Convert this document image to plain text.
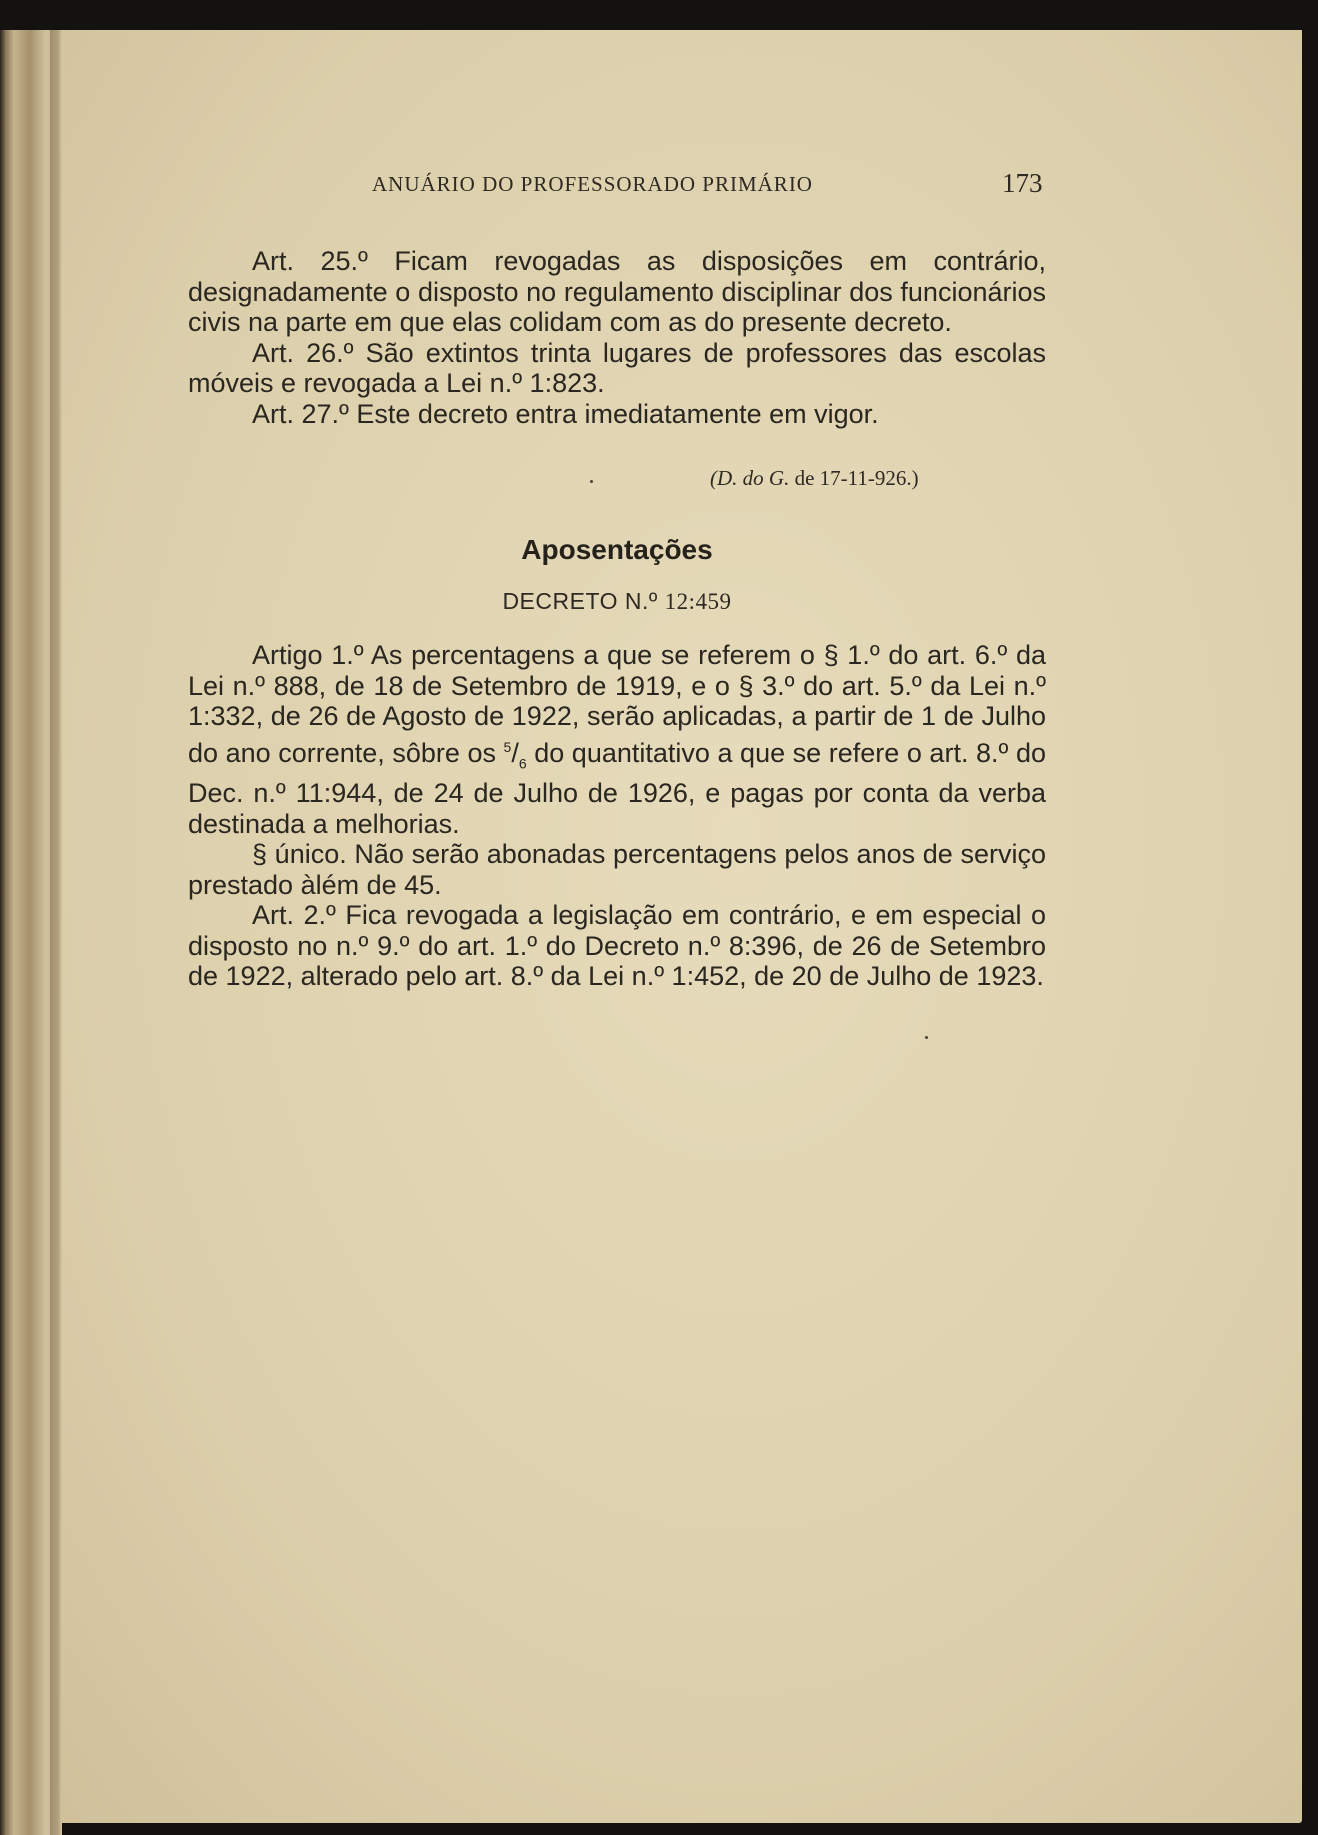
ANUÁRIO DO PROFESSORADO PRIMÁRIO	173

Art. 25.º Ficam revogadas as disposições em contrário, designadamente o disposto no regulamento disciplinar dos funcionários civis na parte em que elas colidam com as do presente decreto.

Art. 26.º São extintos trinta lugares de professores das escolas móveis e revogada a Lei n.º 1:823.

Art. 27.º Este decreto entra imediatamente em vigor.

(D. do G. de 17-11-926.)
Aposentações
DECRETO N.º 12:459

Artigo 1.º As percentagens a que se referem o § 1.º do art. 6.º da Lei n.º 888, de 18 de Setembro de 1919, e o § 3.º do art. 5.º da Lei n.º 1:332, de 26 de Agosto de 1922, serão aplicadas, a partir de 1 de Julho do ano corrente, sôbre os $^5/_6$ do quantitativo a que se refere o art. 8.º do Dec. n.º 11:944, de 24 de Julho de 1926, e pagas por conta da verba destinada a melhorias.

§ único. Não serão abonadas percentagens pelos anos de serviço prestado àlém de 45.

Art. 2.º Fica revogada a legislação em contrário, e em especial o disposto no n.º 9.º do art. 1.º do Decreto n.º 8:396, de 26 de Setembro de 1922, alterado pelo art. 8.º da Lei n.º 1:452, de 20 de Julho de 1923.
